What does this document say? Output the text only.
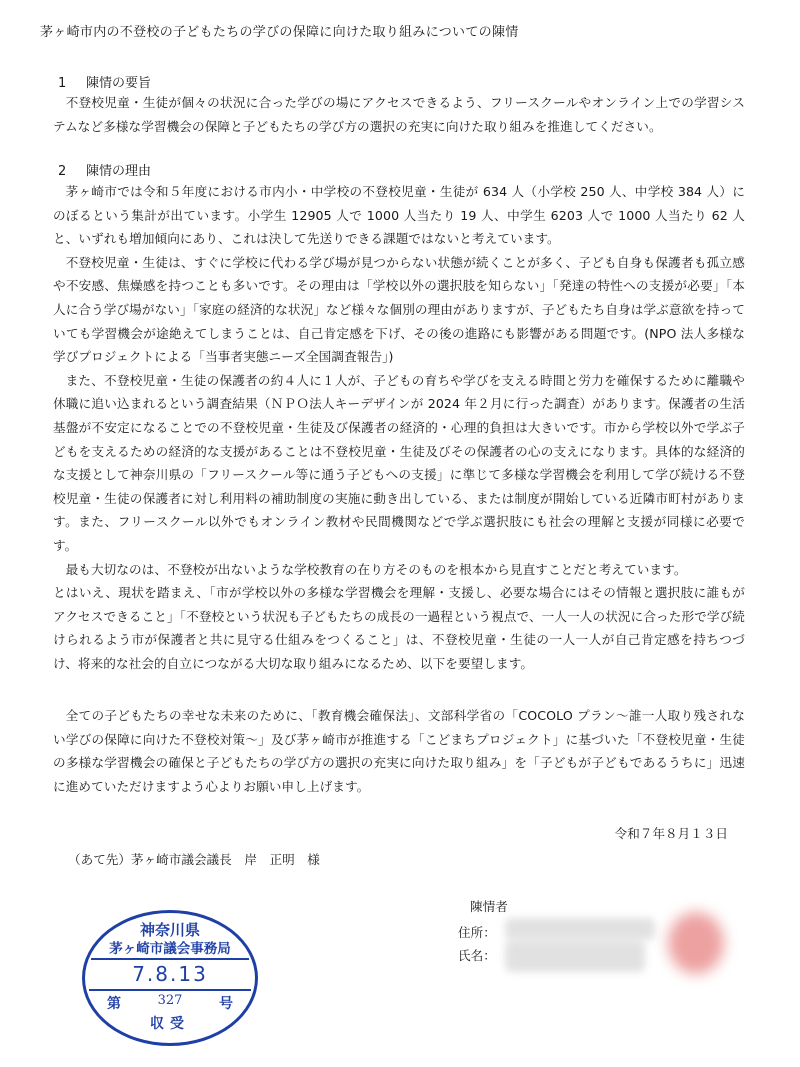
茅ヶ崎市内の不登校の子どもたちの学びの保障に向けた取り組みについての陳情
1 陳情の要旨

不登校児童・生徒が個々の状況に合った学びの場にアクセスできるよう、フリースクールやオンライン上での学習システムなど多様な学習機会の保障と子どもたちの学び方の選択の充実に向けた取り組みを推進してください。

2 陳情の理由

茅ヶ崎市では令和５年度における市内小・中学校の不登校児童・生徒が 634 人（小学校 250 人、中学校 384 人）にのぼるという集計が出ています。小学生 12905 人で 1000 人当たり 19 人、中学生 6203 人で 1000 人当たり 62 人と、いずれも増加傾向にあり、これは決して先送りできる課題ではないと考えています。

不登校児童・生徒は、すぐに学校に代わる学び場が見つからない状態が続くことが多く、子ども自身も保護者も孤立感や不安感、焦燥感を持つことも多いです。その理由は「学校以外の選択肢を知らない」「発達の特性への支援が必要」「本人に合う学び場がない」「家庭の経済的な状況」など様々な個別の理由がありますが、子どもたち自身は学ぶ意欲を持っていても学習機会が途絶えてしまうことは、自己肯定感を下げ、その後の進路にも影響がある問題です。(NPO 法人多様な学びプロジェクトによる「当事者実態ニーズ全国調査報告」)

また、不登校児童・生徒の保護者の約４人に１人が、子どもの育ちや学びを支える時間と労力を確保するために離職や休職に追い込まれるという調査結果（ＮＰＯ法人キーデザインが 2024 年２月に行った調査）があります。保護者の生活基盤が不安定になることでの不登校児童・生徒及び保護者の経済的・心理的負担は大きいです。市から学校以外で学ぶ子どもを支えるための経済的な支援があることは不登校児童・生徒及びその保護者の心の支えになります。具体的な経済的な支援として神奈川県の「フリースクール等に通う子どもへの支援」に準じて多様な学習機会を利用して学び続ける不登校児童・生徒の保護者に対し利用料の補助制度の実施に動き出している、または制度が開始している近隣市町村があります。また、フリースクール以外でもオンライン教材や民間機関などで学ぶ選択肢にも社会の理解と支援が同様に必要です。

最も大切なのは、不登校が出ないような学校教育の在り方そのものを根本から見直すことだと考えています。

とはいえ、現状を踏まえ、「市が学校以外の多様な学習機会を理解・支援し、必要な場合にはその情報と選択肢に誰もがアクセスできること」「不登校という状況も子どもたちの成長の一過程という視点で、一人一人の状況に合った形で学び続けられるよう市が保護者と共に見守る仕組みをつくること」は、不登校児童・生徒の一人一人が自己肯定感を持ちつづけ、将来的な社会的自立につながる大切な取り組みになるため、以下を要望します。

全ての子どもたちの幸せな未来のために、「教育機会確保法」、文部科学省の「COCOLO プラン～誰一人取り残されない学びの保障に向けた不登校対策～」及び茅ヶ崎市が推進する「こどまちプロジェクト」に基づいた「不登校児童・生徒の多様な学習機会の確保と子どもたちの学び方の選択の充実に向けた取り組み」を「子どもが子どもであるうちに」迅速に進めていただけますよう心よりお願い申し上げます。

令和７年８月１３日
（あて先）茅ヶ崎市議会議長　岸　正明　様
陳情者
住所：
氏名：
神奈川県
茅ヶ崎市議会事務局
7.8.13
第	327	号
収受
